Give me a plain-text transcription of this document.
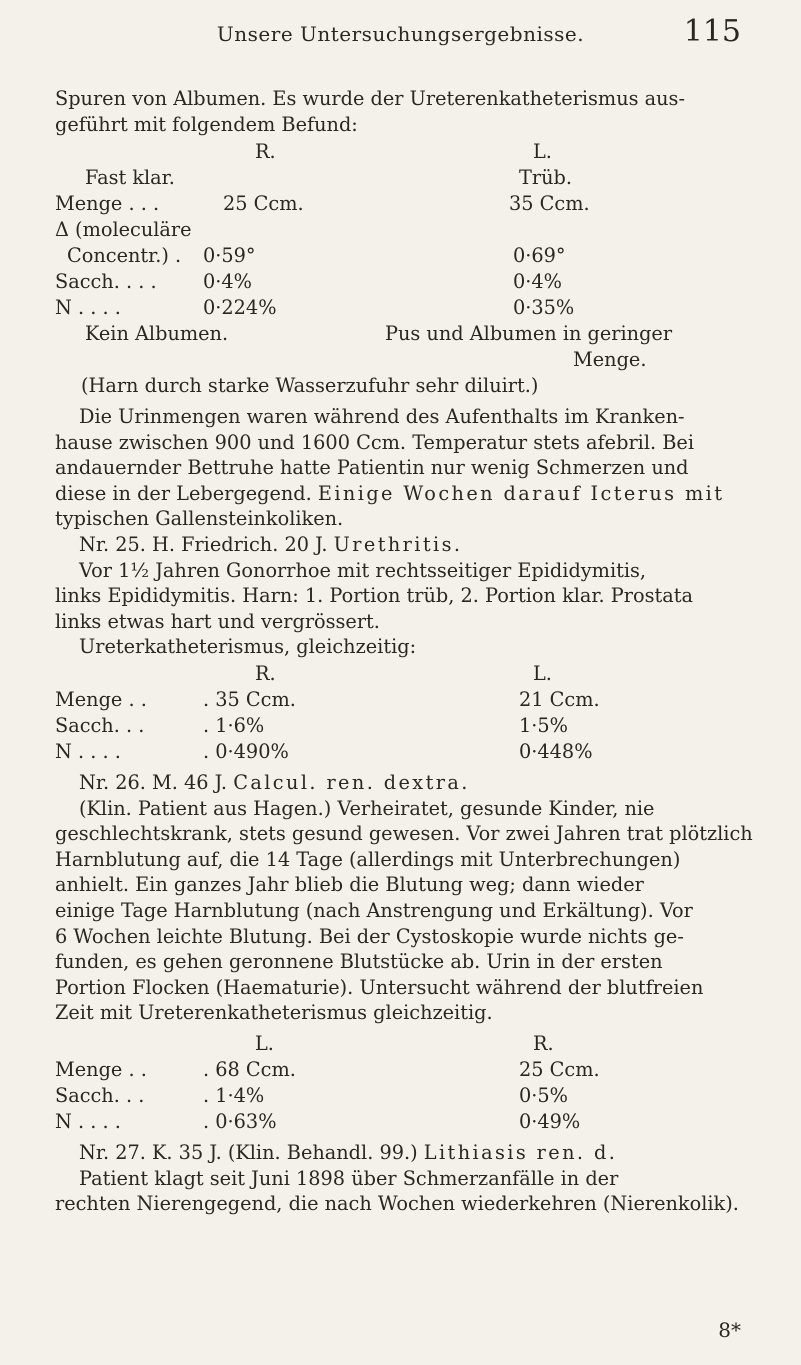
Unsere Untersuchungsergebnisse.	115
Spuren von Albumen. Es wurde der Ureterenkatheterismus aus-
geführt mit folgendem Befund:
R.	L.
Fast klar.	Trüb.
Menge . . .	25 Ccm.	35 Ccm.
Δ (moleculäre
Concentr.) . 0·59°	0·69°
Sacch. . . . 0·4%	0·4%
N . . . .	0·224%	0·35%
Kein Albumen.	Pus und Albumen in geringer
Menge.
(Harn durch starke Wasserzufuhr sehr diluirt.)
Die Urinmengen waren während des Aufenthalts im Kranken-
hause zwischen 900 und 1600 Ccm. Temperatur stets afebril. Bei
andauernder Bettruhe hatte Patientin nur wenig Schmerzen und
diese in der Lebergegend. Einige Wochen darauf Icterus mit
typischen Gallensteinkoliken.
Nr. 25. H. Friedrich. 20 J. Urethritis.
Vor 1½ Jahren Gonorrhoe mit rechtsseitiger Epididymitis,
links Epididymitis. Harn: 1. Portion trüb, 2. Portion klar. Prostata
links etwas hart und vergrössert.
Ureterkatheterismus, gleichzeitig:
R.	L.
Menge . .	. 35 Ccm.	21 Ccm.
Sacch. . .	. 1·6%	1·5%
N . . . .	. 0·490%	0·448%
Nr. 26. M. 46 J. Calcul. ren. dextra.
(Klin. Patient aus Hagen.) Verheiratet, gesunde Kinder, nie
geschlechtskrank, stets gesund gewesen. Vor zwei Jahren trat plötzlich
Harnblutung auf, die 14 Tage (allerdings mit Unterbrechungen)
anhielt. Ein ganzes Jahr blieb die Blutung weg; dann wieder
einige Tage Harnblutung (nach Anstrengung und Erkältung). Vor
6 Wochen leichte Blutung. Bei der Cystoskopie wurde nichts ge-
funden, es gehen geronnene Blutstücke ab. Urin in der ersten
Portion Flocken (Haematurie). Untersucht während der blutfreien
Zeit mit Ureterenkatheterismus gleichzeitig.
L.	R.
Menge . .	. 68 Ccm.	25 Ccm.
Sacch. . .	. 1·4%	0·5%
N . . . .	. 0·63%	0·49%
Nr. 27. K. 35 J. (Klin. Behandl. 99.) Lithiasis ren. d.
Patient klagt seit Juni 1898 über Schmerzanfälle in der
rechten Nierengegend, die nach Wochen wiederkehren (Nierenkolik).
8*
